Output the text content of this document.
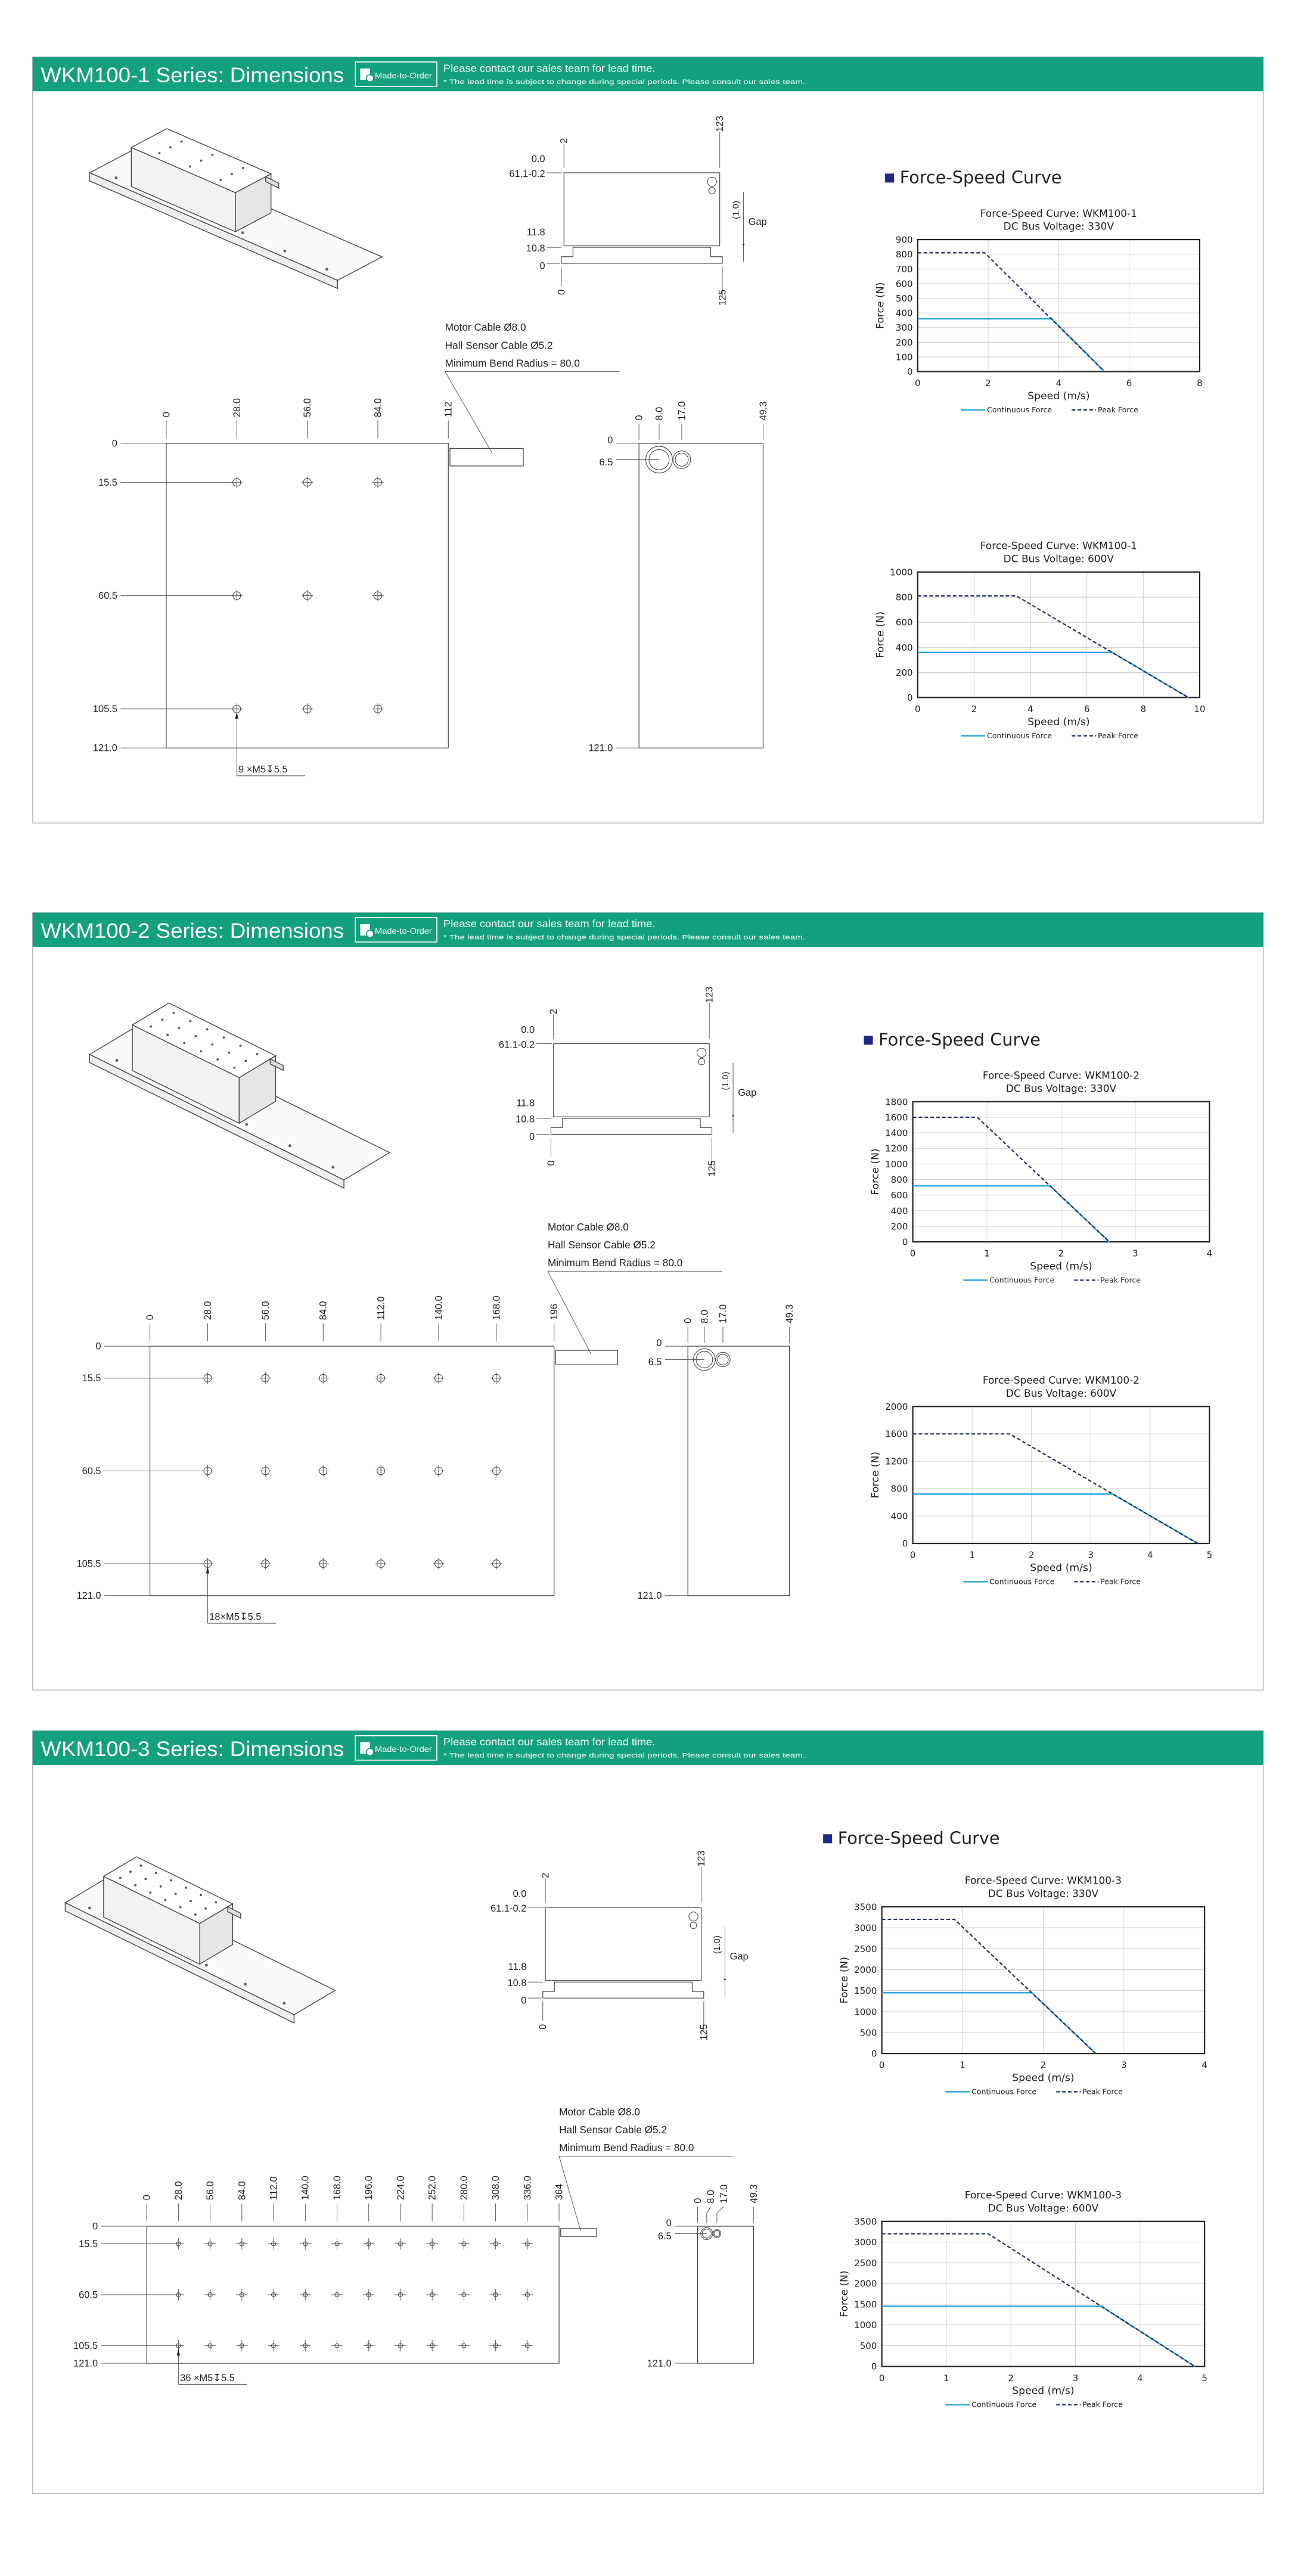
WKM100-1 Series: Dimensions	Made-to-Order
Please contact our sales team for lead time.
* The lead time is subject to change during special periods. Please consult our sales team.
2
123
0	125
0.0
61.1-0.2
11.8
10.8
0
(1.0)
Gap
0	28.0	56.0	84.0	112
0
15.5
60.5
105.5
121.0
9 ×M5↧5.5
Motor Cable Ø8.0
Hall Sensor Cable Ø5.2
Minimum Bend Radius = 80.0
0	8.0	17.0	49.3
0
6.5
121.0
Force-Speed Curve
Force-Speed Curve: WKM100-1
DC Bus Voltage: 330V
0
100
200
300
400
500
600
700
800
900
0	2	4	6	8
Force (N)
Speed (m/s)
Continuous Force	Peak Force
Force-Speed Curve: WKM100-1
DC Bus Voltage: 600V
0
200
400
600
800
1000
0	2	4	6	8	10
Force (N)
Speed (m/s)
Continuous Force	Peak Force
WKM100-2 Series: Dimensions	Made-to-Order
Please contact our sales team for lead time.
* The lead time is subject to change during special periods. Please consult our sales team.
2
123
0	125
0.0
61.1-0.2
11.8
10.8
0
(1.0)
Gap
0	28.0	56.0	84.0	112.0	140.0	168.0	196
0
15.5
60.5
105.5
121.0
18×M5↧5.5
Motor Cable Ø8.0
Hall Sensor Cable Ø5.2
Minimum Bend Radius = 80.0
0 8.0 17.0	49.3
0
6.5
121.0
Force-Speed Curve
Force-Speed Curve: WKM100-2
DC Bus Voltage: 330V
0
200
400
600
800
1000
1200
1400
1600
1800
0	1	2	3	4
Force (N)
Speed (m/s)
Continuous Force	Peak Force
Force-Speed Curve: WKM100-2
DC Bus Voltage: 600V
0
400
800
1200
1600
2000
0	1	2	3	4	5
Force (N)
Speed (m/s)
Continuous Force	Peak Force
WKM100-3 Series: Dimensions	Made-to-Order
Please contact our sales team for lead time.
* The lead time is subject to change during special periods. Please consult our sales team.
2
123
0	125
0.0
61.1-0.2
11.8
10.8
0
(1.0)
Gap
0	28.0	56.0	84.0	112.0	140.0	168.0	196.0	224.0	252.0	280.0	308.0	336.0	364
0
15.5
60.5
105.5
121.0
36 ×M5↧5.5
Motor Cable Ø8.0
Hall Sensor Cable Ø5.2
Minimum Bend Radius = 80.0
0 8.0 17.0	49.3
0
6.5
121.0
Force-Speed Curve
Force-Speed Curve: WKM100-3
DC Bus Voltage: 330V
0
500
1000
1500
2000
2500
3000
3500
0	1	2	3	4
Force (N)
Speed (m/s)
Continuous Force	Peak Force
Force-Speed Curve: WKM100-3
DC Bus Voltage: 600V
0
500
1000
1500
2000
2500
3000
3500
0	1	2	3	4	5
Force (N)
Speed (m/s)
Continuous Force	Peak Force
